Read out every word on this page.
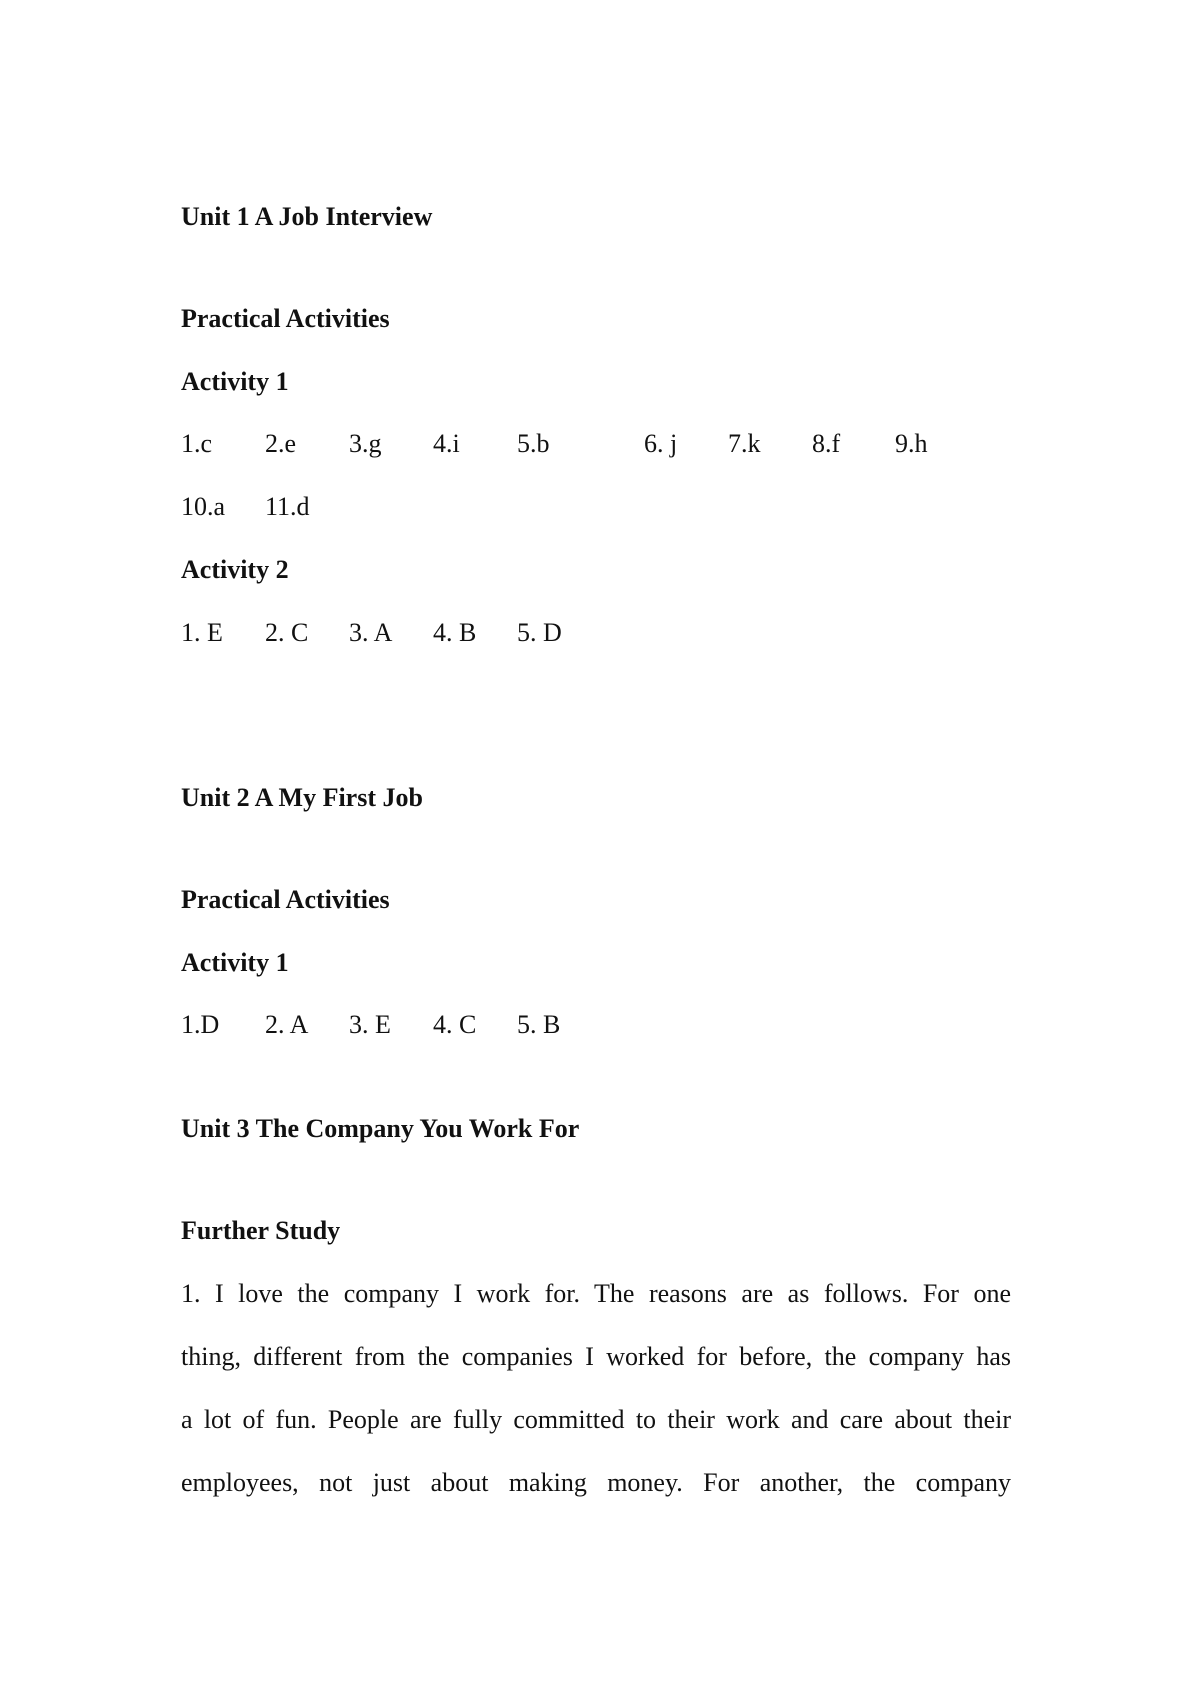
Unit 1 A Job Interview
Practical Activities
Activity 1
1.c 2.e 3.g 4.i 5.b	6. j 7.k 8.f 9.h
10.a 11.d
Activity 2
1. E 2. C 3. A 4. B 5. D
Unit 2 A My First Job
Practical Activities
Activity 1
1.D 2. A 3. E 4. C 5. B
Unit 3 The Company You Work For
Further Study
1. I love the company I work for. The reasons are as follows. For one
thing, different from the companies I worked for before, the company has
a lot of fun. People are fully committed to their work and care about their
employees, not just about making money. For another, the company
